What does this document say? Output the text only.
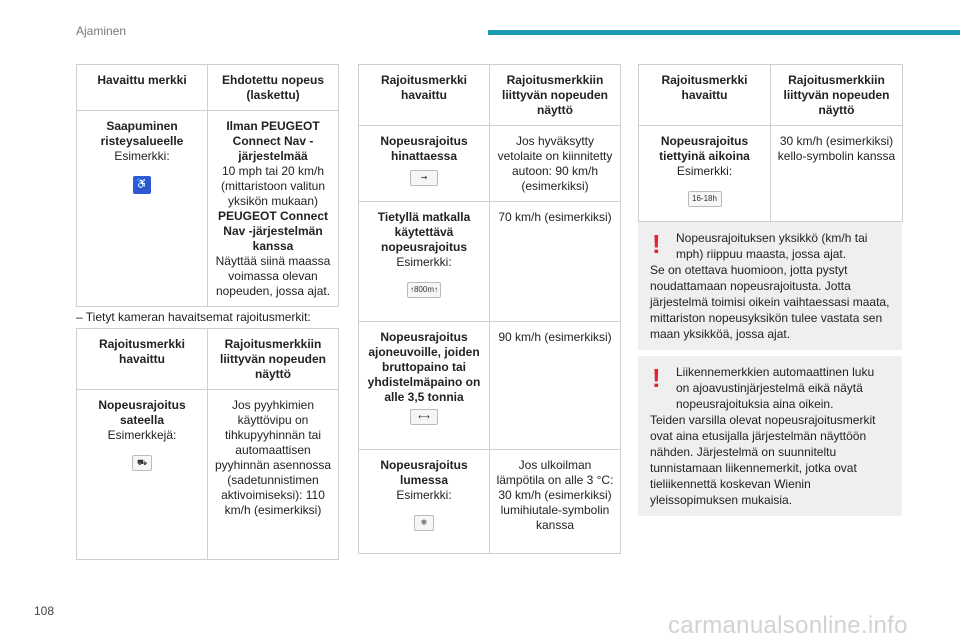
Ajaminen
Havaittu merkki	Ehdotettu nopeus (laskettu)

Saapuminen risteysalueelle
Esimerkki:
♿	Ilman PEUGEOT Connect Nav -järjestelmää
10 mph tai 20 km/h (mittaristoon valitun yksikön mukaan)
PEUGEOT Connect Nav -järjestelmän kanssa
Näyttää siinä maassa voimassa olevan nopeuden, jossa ajat.
– Tietyt kameran havaitsemat rajoitusmerkit:
Rajoitusmerkki havaittu	Rajoitusmerkkiin liittyvän nopeuden näyttö

Nopeusrajoitus sateella
Esimerkkejä:
⛟	Jos pyyhkimien käyttövipu on tihkupyyhinnän tai automaattisen pyyhinnän asennossa (sadetunnistimen aktivoimiseksi): 110 km/h (esimerkiksi)
Rajoitusmerkki havaittu	Rajoitusmerkkiin liittyvän nopeuden näyttö

Nopeusrajoitus hinattaessa
⇝	Jos hyväksytty vetolaite on kiinnitetty autoon: 90 km/h (esimerkiksi)

Tietyllä matkalla käytettävä nopeusrajoitus
Esimerkki:
↑800m↑	70 km/h (esimerkiksi)

Nopeusrajoitus ajoneuvoille, joiden bruttopaino tai yhdistelmäpaino on alle 3,5 tonnia
⟷	90 km/h (esimerkiksi)

Nopeusrajoitus lumessa
Esimerkki:
❄	Jos ulkoilman lämpötila on alle 3 °C: 30 km/h (esimerkiksi) lumihiutale-symbolin kanssa
Rajoitusmerkki havaittu	Rajoitusmerkkiin liittyvän nopeuden näyttö

Nopeusrajoitus tiettyinä aikoina
Esimerkki:
16-18h	30 km/h (esimerkiksi) kello-symbolin kanssa
!	Nopeusrajoituksen yksikkö (km/h tai mph) riippuu maasta, jossa ajat.
Se on otettava huomioon, jotta pystyt noudattamaan nopeusrajoitusta. Jotta järjestelmä toimisi oikein vaihtaessasi maata, mittariston nopeusyksikön tulee vastata sen maan yksikköä, jossa ajat.
!	Liikennemerkkien automaattinen luku on ajoavustinjärjestelmä eikä näytä nopeusrajoituksia aina oikein.
Teiden varsilla olevat nopeusrajoitusmerkit ovat aina etusijalla järjestelmän näyttöön nähden. Järjestelmä on suunniteltu tunnistamaan liikennemerkit, jotka ovat tieliikennettä koskevan Wienin yleissopimuksen mukaisia.
108
carmanualsonline.info
